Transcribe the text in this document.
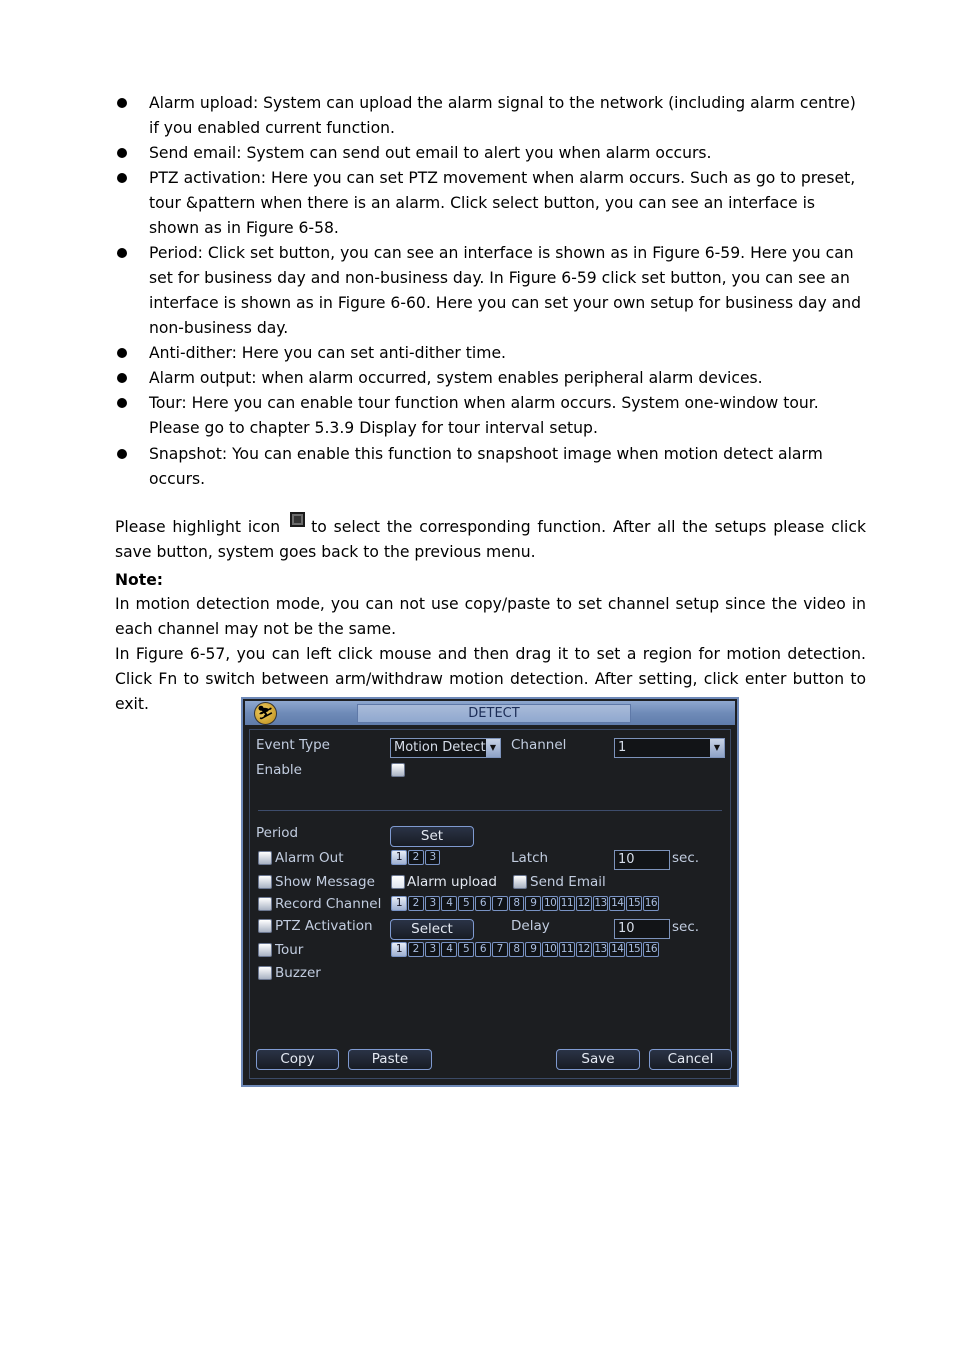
Alarm upload: System can upload the alarm signal to the network (including alarm centre) if you enabled current function.
Send email: System can send out email to alert you when alarm occurs.
PTZ activation: Here you can set PTZ movement when alarm occurs. Such as go to preset, tour &pattern when there is an alarm. Click select button, you can see an interface is shown as in Figure 6-58.
Period: Click set button, you can see an interface is shown as in Figure 6-59. Here you can set for business day and non-business day. In Figure 6-59 click set button, you can see an interface is shown as in Figure 6-60. Here you can set your own setup for business day and non-business day.
Anti-dither: Here you can set anti-dither time.
Alarm output: when alarm occurred, system enables peripheral alarm devices.
Tour: Here you can enable tour function when alarm occurs. System one-window tour. Please go to chapter 5.3.9 Display for tour interval setup.
Snapshot: You can enable this function to snapshoot image when motion detect alarm occurs.

Please highlight icon to select the corresponding function. After all the setups please click save button, system goes back to the previous menu.

Note:

In motion detection mode, you can not use copy/paste to set channel setup since the video in each channel may not be the same.

In Figure 6-57, you can left click mouse and then drag it to set a region for motion detection. Click Fn to switch between arm/withdraw motion detection. After setting, click enter button to exit.

⛷	DETECT
Event Type	Motion Detect ▼ Channel	1	▼
Enable
Period	Set
Alarm Out	1	2	3	Latch	10	sec.
Show Message Alarm upload Send Email
Record Channel	1	2	3	4	5	6	7	8	9 10 11 12 13 14 15 16
PTZ Activation	Select	Delay	10	sec.
Tour	1	2	3	4	5	6	7	8	9 10 11 12 13 14 15 16
Buzzer
Copy	Paste	Save	Cancel
